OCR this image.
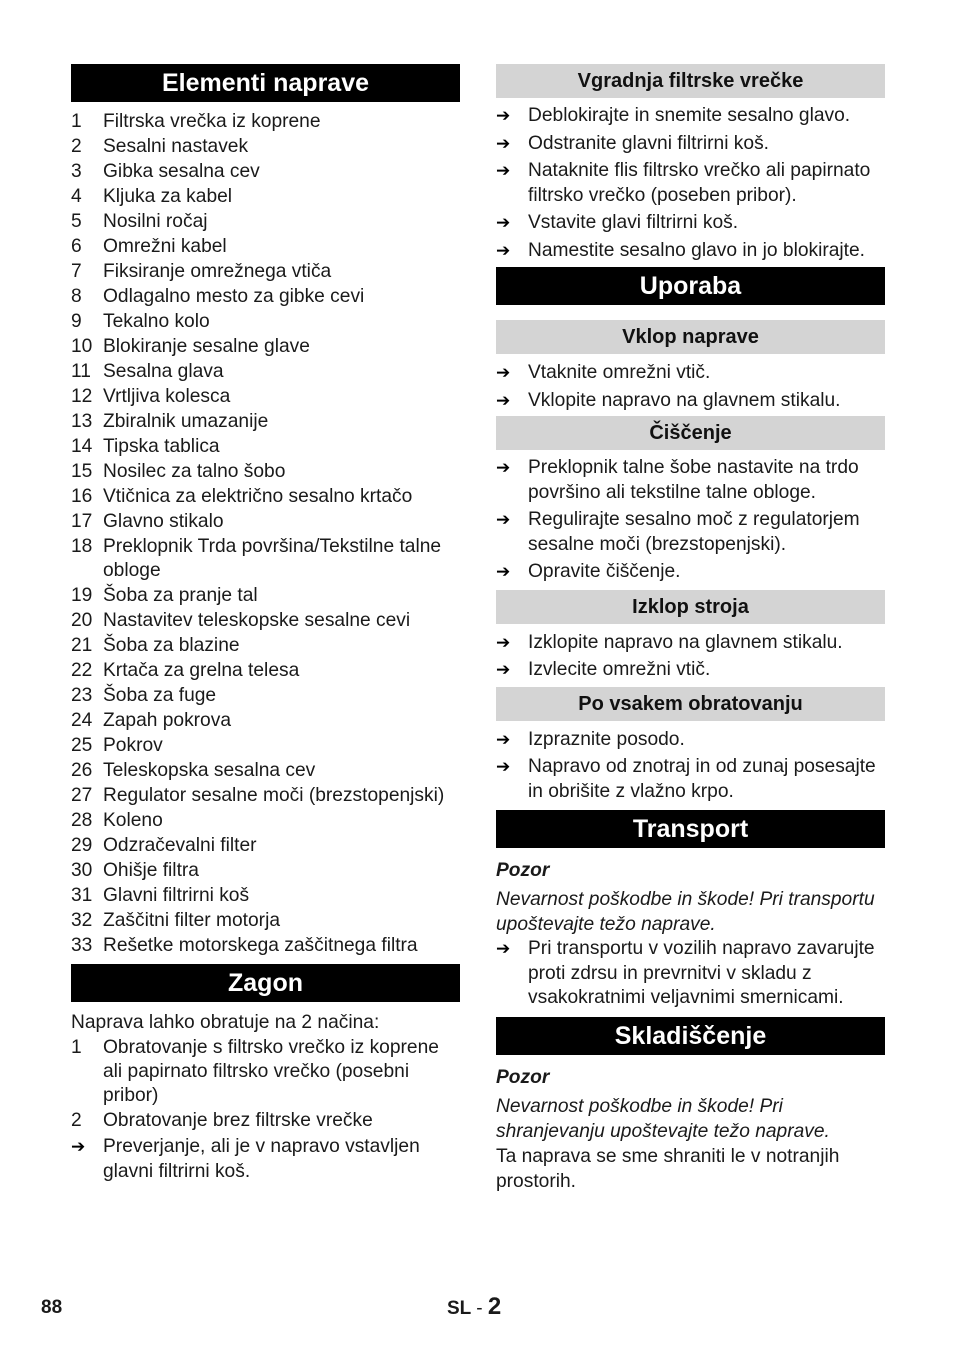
Elementi naprave
1	Filtrska vrečka iz koprene
2	Sesalni nastavek
3	Gibka sesalna cev
4	Kljuka za kabel
5	Nosilni ročaj
6	Omrežni kabel
7	Fiksiranje omrežnega vtiča
8	Odlagalno mesto za gibke cevi
9	Tekalno kolo
10 Blokiranje sesalne glave
11 Sesalna glava
12 Vrtljiva kolesca
13 Zbiralnik umazanije
14 Tipska tablica
15 Nosilec za talno šobo
16 Vtičnica za električno sesalno krtačo
17 Glavno stikalo
18 Preklopnik Trda površina/Tekstilne talne obloge
19 Šoba za pranje tal
20 Nastavitev teleskopske sesalne cevi
21 Šoba za blazine
22 Krtača za grelna telesa
23 Šoba za fuge
24 Zapah pokrova
25 Pokrov
26 Teleskopska sesalna cev
27 Regulator sesalne moči (brezstopenjski)
28 Koleno
29 Odzračevalni filter
30 Ohišje filtra
31 Glavni filtrirni koš
32 Zaščitni filter motorja
33 Rešetke motorskega zaščitnega filtra
Zagon

Naprava lahko obratuje na 2 načina:

1	Obratovanje s filtrsko vrečko iz koprene ali papirnato filtrsko vrečko (posebni pribor)
2	Obratovanje brez filtrske vrečke
➔ Preverjanje, ali je v napravo vstavljen glavni filtrirni koš.
Vgradnja filtrske vrečke
➔ Deblokirajte in snemite sesalno glavo.
➔ Odstranite glavni filtrirni koš.
➔ Nataknite flis filtrsko vrečko ali papirnato filtrsko vrečko (poseben pribor).
➔ Vstavite glavi filtrirni koš.
➔ Namestite sesalno glavo in jo blokirajte.
Uporaba
Vklop naprave
➔ Vtaknite omrežni vtič.
➔ Vklopite napravo na glavnem stikalu.
Čiščenje
➔ Preklopnik talne šobe nastavite na trdo površino ali tekstilne talne obloge.
➔ Regulirajte sesalno moč z regulatorjem sesalne moči (brezstopenjski).
➔ Opravite čiščenje.
Izklop stroja
➔ Izklopite napravo na glavnem stikalu.
➔ Izvlecite omrežni vtič.
Po vsakem obratovanju
➔ Izpraznite posodo.
➔ Napravo od znotraj in od zunaj posesajte in obrišite z vlažno krpo.
Transport

Pozor

Nevarnost poškodbe in škode! Pri transportu upoštevajte težo naprave.

➔ Pri transportu v vozilih napravo zavarujte proti zdrsu in prevrnitvi v skladu z vsakokratnimi veljavnimi smernicami.
Skladiščenje

Pozor

Nevarnost poškodbe in škode! Pri shranjevanju upoštevajte težo naprave.

Ta naprava se sme shraniti le v notranjih prostorih.

88	SL - 2
